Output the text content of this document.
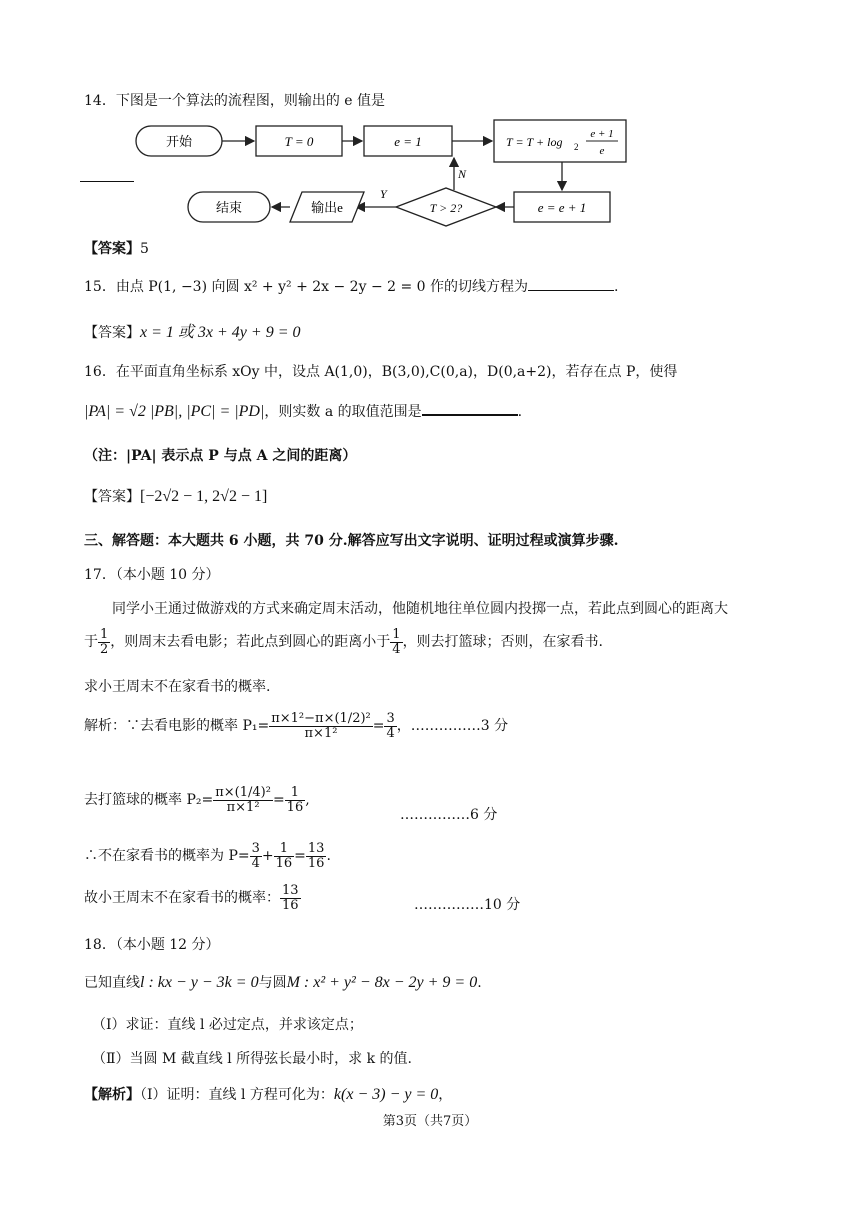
14．下图是一个算法的流程图，则输出的 e 值是
开始	T = 0	e = 1	T = T + log 2
e + 1
e
e = e + 1
T > 2?
N
Y
输出e
结束
【答案】5
15．由点 P(1, −3) 向圆 x² + y² + 2x − 2y − 2 = 0 作的切线方程为	.
【答案】x = 1 或 3x + 4y + 9 = 0
16．在平面直角坐标系 xOy 中，设点 A(1,0)，B(3,0),C(0,a)，D(0,a+2)，若存在点 P，使得
|PA| = √2 |PB|, |PC| = |PD|，则实数 a 的取值范围是	.
（注：|PA| 表示点 P 与点 A 之间的距离）
【答案】[−2√2 − 1, 2√2 − 1]
三、解答题：本大题共 6 小题，共 70 分.解答应写出文字说明、证明过程或演算步骤.
17．（本小题 10 分）
同学小王通过做游戏的方式来确定周末活动，他随机地往单位圆内投掷一点，若此点到圆心的距离大
于 $\frac{1}{2}$ ，则周末去看电影；若此点到圆心的距离小于 $\frac{1}{4}$ ，则去打篮球；否则，在家看书.
求小王周末不在家看书的概率.
解析：∵去看电影的概率 $P_1= \frac{\text{π×1²−π×(1/2)²}}{\text{π×1²}} = \frac{3}{4}$ ，……………3 分
去打篮球的概率 $P_2= \frac{\text{π×(1/4)²}}{\text{π×1²}} = \frac{1}{16}$ ,
……………6 分
∴不在家看书的概率为 $P= \frac{3}{4} + \frac{1}{16} = \frac{13}{16}$ .
故小王周末不在家看书的概率： $\frac{13}{16}$	……………10 分
18．（本小题 12 分）
已知直线l : kx − y − 3k = 0与圆M : x² + y² − 8x − 2y + 9 = 0.
（Ⅰ）求证：直线 l 必过定点，并求该定点；
（Ⅱ）当圆 M 截直线 l 所得弦长最小时，求 k 的值.
【解析】（Ⅰ）证明：直线 l 方程可化为：k(x − 3) − y = 0，
第3页（共7页）
